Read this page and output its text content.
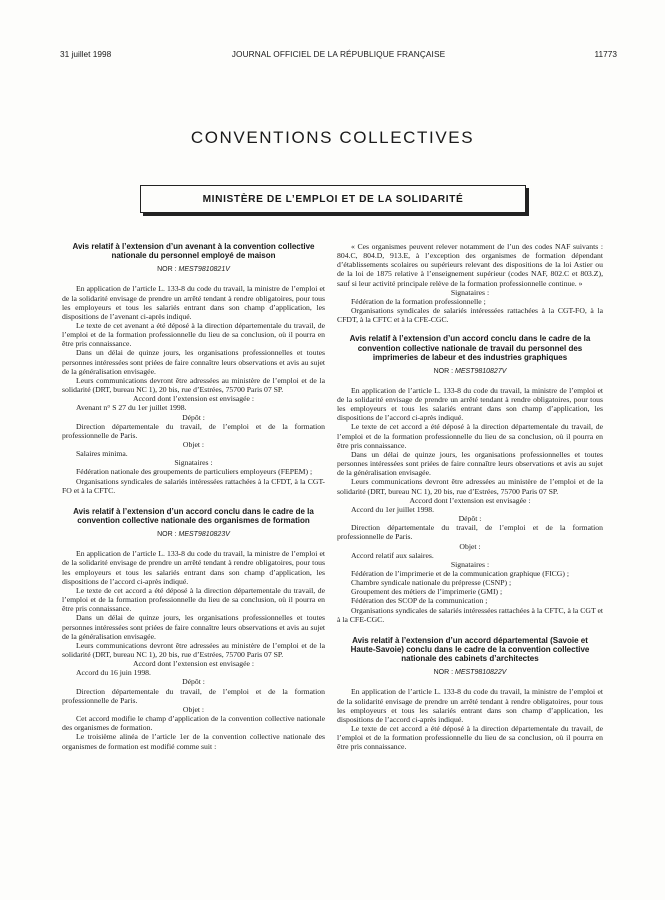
31 juillet 1998	JOURNAL OFFICIEL DE LA RÉPUBLIQUE FRANÇAISE	11773
CONVENTIONS COLLECTIVES
MINISTÈRE DE L’EMPLOI ET DE LA SOLIDARITÉ
Avis relatif à l’extension d’un avenant à la convention collective nationale du personnel employé de maison
NOR : MEST9810821V

En application de l’article L. 133-8 du code du travail, la ministre de l’emploi et de la solidarité envisage de prendre un arrêté tendant à rendre obligatoires, pour tous les employeurs et tous les salariés entrant dans son champ d’application, les dispositions de l’avenant ci-après indiqué.

Le texte de cet avenant a été déposé à la direction départementale du travail, de l’emploi et de la formation professionnelle du lieu de sa conclusion, où il pourra en être pris connaissance.

Dans un délai de quinze jours, les organisations professionnelles et toutes personnes intéressées sont priées de faire connaître leurs observations et avis au sujet de la généralisation envisagée.

Leurs communications devront être adressées au ministère de l’emploi et de la solidarité (DRT, bureau NC 1), 20 bis, rue d’Estrées, 75700 Paris 07 SP.

Accord dont l’extension est envisagée :

Avenant n° S 27 du 1er juillet 1998.

Dépôt :

Direction départementale du travail, de l’emploi et de la formation professionnelle de Paris.

Objet :

Salaires minima.

Signataires :

Fédération nationale des groupements de particuliers employeurs (FEPEM) ;

Organisations syndicales de salariés intéressées rattachées à la CFDT, à la CGT-FO et à la CFTC.

Avis relatif à l’extension d’un accord conclu dans le cadre de la convention collective nationale des organismes de formation
NOR : MEST9810823V

En application de l’article L. 133-8 du code du travail, la ministre de l’emploi et de la solidarité envisage de prendre un arrêté tendant à rendre obligatoires, pour tous les employeurs et tous les salariés entrant dans son champ d’application, les dispositions de l’accord ci-après indiqué.

Le texte de cet accord a été déposé à la direction départementale du travail, de l’emploi et de la formation professionnelle du lieu de sa conclusion, où il pourra en être pris connaissance.

Dans un délai de quinze jours, les organisations professionnelles et toutes personnes intéressées sont priées de faire connaître leurs observations et avis au sujet de la généralisation envisagée.

Leurs communications devront être adressées au ministère de l’emploi et de la solidarité (DRT, bureau NC 1), 20 bis, rue d’Estrées, 75700 Paris 07 SP.

Accord dont l’extension est envisagée :

Accord du 16 juin 1998.

Dépôt :

Direction départementale du travail, de l’emploi et de la formation professionnelle de Paris.

Objet :

Cet accord modifie le champ d’application de la convention collective nationale des organismes de formation.

Le troisième alinéa de l’article 1er de la convention collective nationale des organismes de formation est modifié comme suit :

« Ces organismes peuvent relever notamment de l’un des codes NAF suivants : 804.C, 804.D, 913.E, à l’exception des organismes de formation dépendant d’établissements scolaires ou supérieurs relevant des dispositions de la loi Astier ou de la loi de 1875 relative à l’enseignement supérieur (codes NAF, 802.C et 803.Z), sauf si leur activité principale relève de la formation professionnelle continue. »

Signataires :

Fédération de la formation professionnelle ;

Organisations syndicales de salariés intéressées rattachées à la CGT-FO, à la CFDT, à la CFTC et à la CFE-CGC.

Avis relatif à l’extension d’un accord conclu dans le cadre de la convention collective nationale de travail du personnel des imprimeries de labeur et des industries graphiques
NOR : MEST9810827V

En application de l’article L. 133-8 du code du travail, la ministre de l’emploi et de la solidarité envisage de prendre un arrêté tendant à rendre obligatoires, pour tous les employeurs et tous les salariés entrant dans son champ d’application, les dispositions de l’accord ci-après indiqué.

Le texte de cet accord a été déposé à la direction départementale du travail, de l’emploi et de la formation professionnelle du lieu de sa conclusion, où il pourra en être pris connaissance.

Dans un délai de quinze jours, les organisations professionnelles et toutes personnes intéressées sont priées de faire connaître leurs observations et avis au sujet de la généralisation envisagée.

Leurs communications devront être adressées au ministère de l’emploi et de la solidarité (DRT, bureau NC 1), 20 bis, rue d’Estrées, 75700 Paris 07 SP.

Accord dont l’extension est envisagée :

Accord du 1er juillet 1998.

Dépôt :

Direction départementale du travail, de l’emploi et de la formation professionnelle de Paris.

Objet :

Accord relatif aux salaires.

Signataires :

Fédération de l’imprimerie et de la communication graphique (FICG) ;

Chambre syndicale nationale du prépresse (CSNP) ;

Groupement des métiers de l’imprimerie (GMI) ;

Fédération des SCOP de la communication ;

Organisations syndicales de salariés intéressées rattachées à la CFTC, à la CGT et à la CFE-CGC.

Avis relatif à l’extension d’un accord départemental (Savoie et Haute-Savoie) conclu dans le cadre de la convention collective nationale des cabinets d’architectes
NOR : MEST9810822V

En application de l’article L. 133-8 du code du travail, la ministre de l’emploi et de la solidarité envisage de prendre un arrêté tendant à rendre obligatoires, pour tous les employeurs et tous les salariés entrant dans son champ d’application, les dispositions de l’accord ci-après indiqué.

Le texte de cet accord a été déposé à la direction départementale du travail, de l’emploi et de la formation professionnelle du lieu de sa conclusion, où il pourra en être pris connaissance.
